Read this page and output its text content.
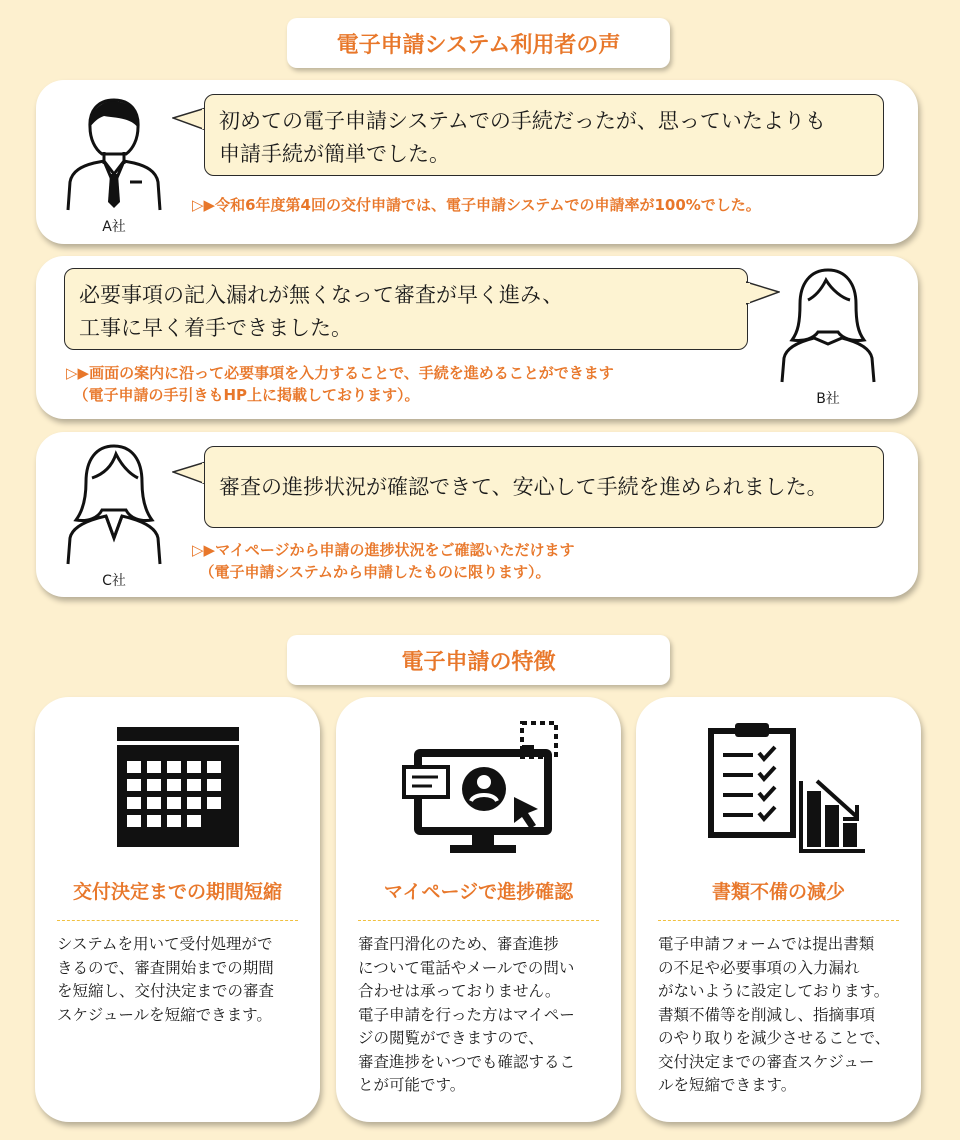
電子申請システム利用者の声
A社
初めての電子申請システムでの手続だったが、思っていたよりも
申請手続が簡単でした。
▷▶令和6年度第4回の交付申請では、電子申請システムでの申請率が100%でした。
必要事項の記入漏れが無くなって審査が早く進み、
工事に早く着手できました。
▷▶画面の案内に沿って必要事項を入力することで、手続を進めることができます
　（電子申請の手引きもHP上に掲載しております）。	B社
C社
審査の進捗状況が確認できて、安心して手続を進められました。
▷▶マイページから申請の進捗状況をご確認いただけます
　（電子申請システムから申請したものに限ります）。
電子申請の特徴
交付決定までの期間短縮
システムを用いて受付処理がで
きるので、審査開始までの期間
を短縮し、交付決定までの審査
スケジュールを短縮できます。
マイページで進捗確認
審査円滑化のため、審査進捗
について電話やメールでの問い
合わせは承っておりません。
電子申請を行った方はマイペー
ジの閲覧ができますので、
審査進捗をいつでも確認するこ
とが可能です。
書類不備の減少
電子申請フォームでは提出書類
の不足や必要事項の入力漏れ
がないように設定しております。
書類不備等を削減し、指摘事項
のやり取りを減少させることで、
交付決定までの審査スケジュー
ルを短縮できます。
